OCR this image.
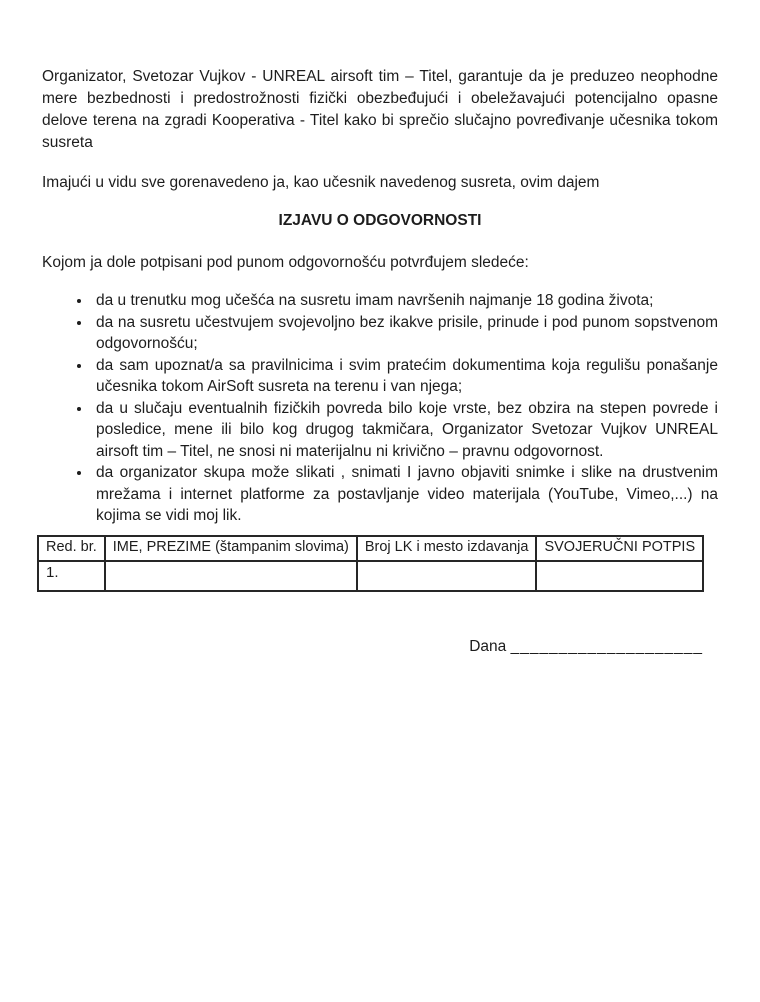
Organizator, Svetozar Vujkov - UNREAL airsoft tim – Titel, garantuje da je preduzeo neophodne mere bezbednosti i predostrožnosti fizički obezbeđujući i obeležavajući potencijalno opasne delove terena na zgradi Kooperativa - Titel kako bi sprečio slučajno povređivanje učesnika tokom susreta

Imajući u vidu sve gorenavedeno ja, kao učesnik navedenog susreta, ovim dajem

IZJAVU O ODGOVORNOSTI

Kojom ja dole potpisani pod punom odgovornošću potvrđujem sledeće:

• da u trenutku mog učešća na susretu imam navršenih najmanje 18 godina života;
• da na susretu učestvujem svojevoljno bez ikakve prisile, prinude i pod punom sopstvenom odgovornošću;
• da sam upoznat/a sa pravilnicima i svim pratećim dokumentima koja regulišu ponašanje učesnika tokom AirSoft susreta na terenu i van njega;
• da u slučaju eventualnih fizičkih povreda bilo koje vrste, bez obzira na stepen povrede i posledice, mene ili bilo kog drugog takmičara, Organizator Svetozar Vujkov UNREAL airsoft tim – Titel, ne snosi ni materijalnu ni krivično – pravnu odgovornost.
• da organizator skupa može slikati , snimati I javno objaviti snimke i slike na drustvenim mrežama i internet platforme za postavljanje video materijala (YouTube, Vimeo,...) na kojima se vidi moj lik.
Red. br.	IME, PREZIME (štampanim slovima)	Broj LK i mesto izdavanja	SVOJERUČNI POTPIS
1.			
Dana ____________________
